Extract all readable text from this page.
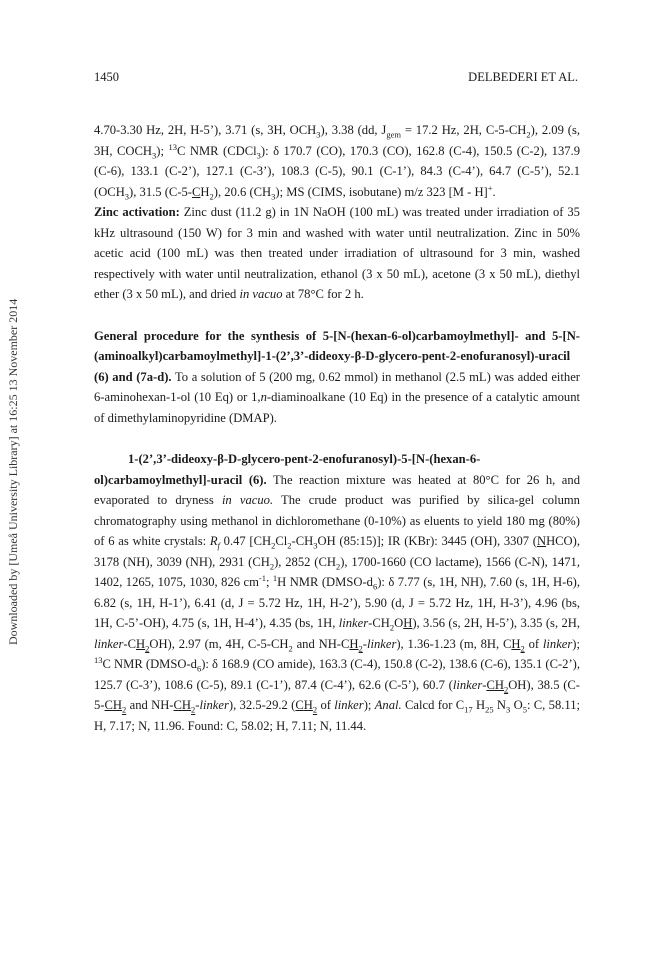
1450	DELBEDERI ET AL.
Downloaded by [Umeå University Library] at 16:25 13 November 2014

4.70-3.30 Hz, 2H, H-5’), 3.71 (s, 3H, $OCH_3$), 3.38 (dd, $J_{gem} = 17.2$ Hz, 2H, $C-5-CH_2$), 2.09 (s, 3H, $COCH_3$); $^{13}$C NMR (CDCl$_3$): δ 170.7 (CO), 170.3 (CO), 162.8 (C-4), 150.5 (C-2), 137.9 (C-6), 133.1 (C-2’), 127.1 (C-3’), 108.3 (C-5), 90.1 (C-1’), 84.3 (C-4’), 64.7 (C-5’), 52.1 $(OCH_3)$, 31.5 $(C-5-CH_2)$, 20.6 $(CH_3)$; MS (CIMS, isobutane) m/z 323 [M - H]+.

Zinc activation: Zinc dust (11.2 g) in 1N NaOH (100 mL) was treated under irradiation of 35 kHz ultrasound (150 W) for 3 min and washed with water until neutralization. Zinc in 50% acetic acid (100 mL) was then treated under irradiation of ultrasound for 3 min, washed respectively with water until neutralization, ethanol (3 x 50 mL), acetone (3 x 50 mL), diethyl ether (3 x 50 mL), and dried in vacuo at 78°C for 2 h.

General procedure for the synthesis of 5-[N-(hexan-6-ol)carbamoylmethyl]- and 5-[N-(aminoalkyl)carbamoylmethyl]-1-(2’,3’-dideoxy-β-D-glycero-pent-2-enofuranosyl)-uracil (6) and (7a-d). To a solution of 5 (200 mg, 0.62 mmol) in methanol (2.5 mL) was added either 6-aminohexan-1-ol (10 Eq) or 1,n-diaminoalkane (10 Eq) in the presence of a catalytic amount of dimethylaminopyridine (DMAP).

1-(2’,3’-dideoxy-β-D-glycero-pent-2-enofuranosyl)-5-[N-(hexan-6-ol)carbamoylmethyl]-uracil (6). The reaction mixture was heated at 80°C for 26 h, and evaporated to dryness in vacuo. The crude product was purified by silica-gel column chromatography using methanol in dichloromethane (0-10%) as eluents to yield 180 mg (80%) of 6 as white crystals: $R_f$ 0.47 [$CH_2Cl_2-CH_3OH$ (85:15)]; IR (KBr): 3445 (OH), 3307 (NHCO), 3178 (NH), 3039 (NH), 2931 $(CH_2)$, 2852 $(CH_2)$, 1700-1660 (CO lactame), 1566 (C-N), 1471, 1402, 1265, 1075, 1030, 826 $cm^{-1}$; $^1$H NMR $(DMSO-d_6)$: δ 7.77 (s, 1H, NH), 7.60 (s, 1H, H-6), 6.82 (s, 1H, H-1’), 6.41 (d, J = 5.72 Hz, 1H, H-2’), 5.90 (d, J = 5.72 Hz, 1H, H-3’), 4.96 (bs, 1H, C-5’-OH), 4.75 (s, 1H, H-4’), 4.35 (bs, 1H, linker-$CH_2OH$), 3.56 (s, 2H, H-5’), 3.35 (s, 2H, linker-$CH_2OH$), 2.97 (m, 4H, $C-5-CH_2$ and $NH-CH_2-linker$), 1.36-1.23 (m, 8H, $CH_2$ of linker); $^{13}$C NMR $(DMSO-d_6)$: δ 168.9 (CO amide), 163.3 (C-4), 150.8 (C-2), 138.6 (C-6), 135.1 (C-2’), 125.7 (C-3’), 108.6 (C-5), 89.1 (C-1’), 87.4 (C-4’), 62.6 (C-5’), 60.7 $(linker-CH_2OH)$, 38.5 ($C-5-CH_2$ and $NH-CH_2-linker$), 32.5-29.2 ($CH_2$ of linker); Anal. Calcd for $C_{17}$ $H_{25}$ $N_3$ $O_5$: C, 58.11; H, 7.17; N, 11.96. Found: C, 58.02; H, 7.11; N, 11.44.
